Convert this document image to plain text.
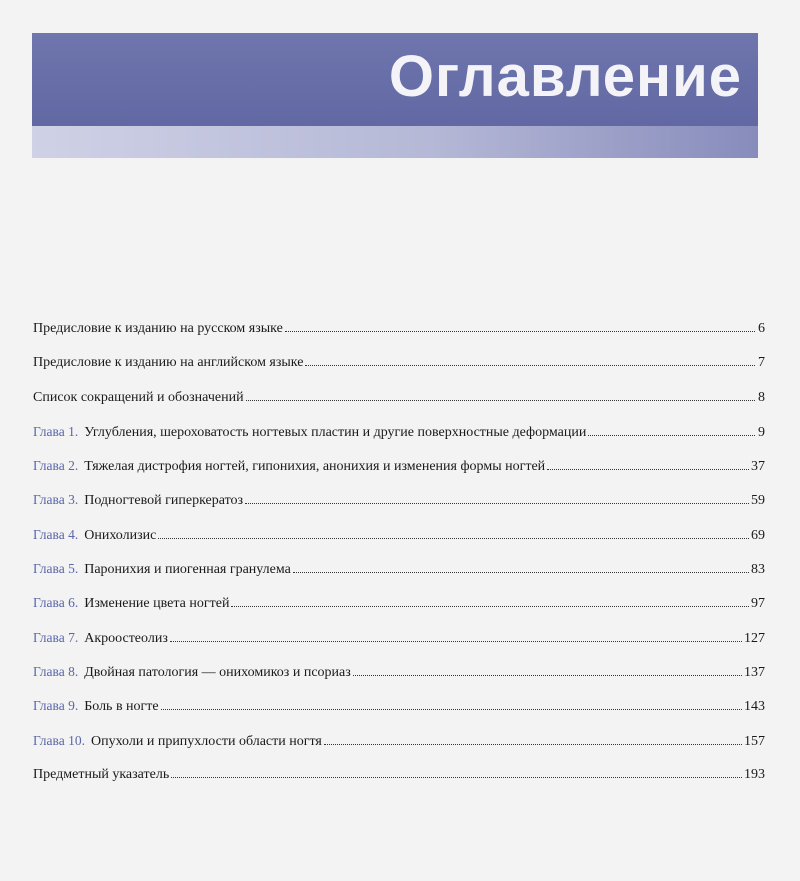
Оглавление
Предисловие к изданию на русском языке	6
Предисловие к изданию на английском языке	7
Список сокращений и обозначений	8
Глава 1. Углубления, шероховатость ногтевых пластин и другие поверхностные деформации	9
Глава 2. Тяжелая дистрофия ногтей, гипонихия, анонихия и изменения формы ногтей	37
Глава 3. Подногтевой гиперкератоз	59
Глава 4. Онихолизис	69
Глава 5. Паронихия и пиогенная гранулема	83
Глава 6. Изменение цвета ногтей	97
Глава 7. Акроостеолиз	127
Глава 8. Двойная патология — онихомикоз и псориаз	137
Глава 9. Боль в ногте	143
Глава 10. Опухоли и припухлости области ногтя	157
Предметный указатель	193
